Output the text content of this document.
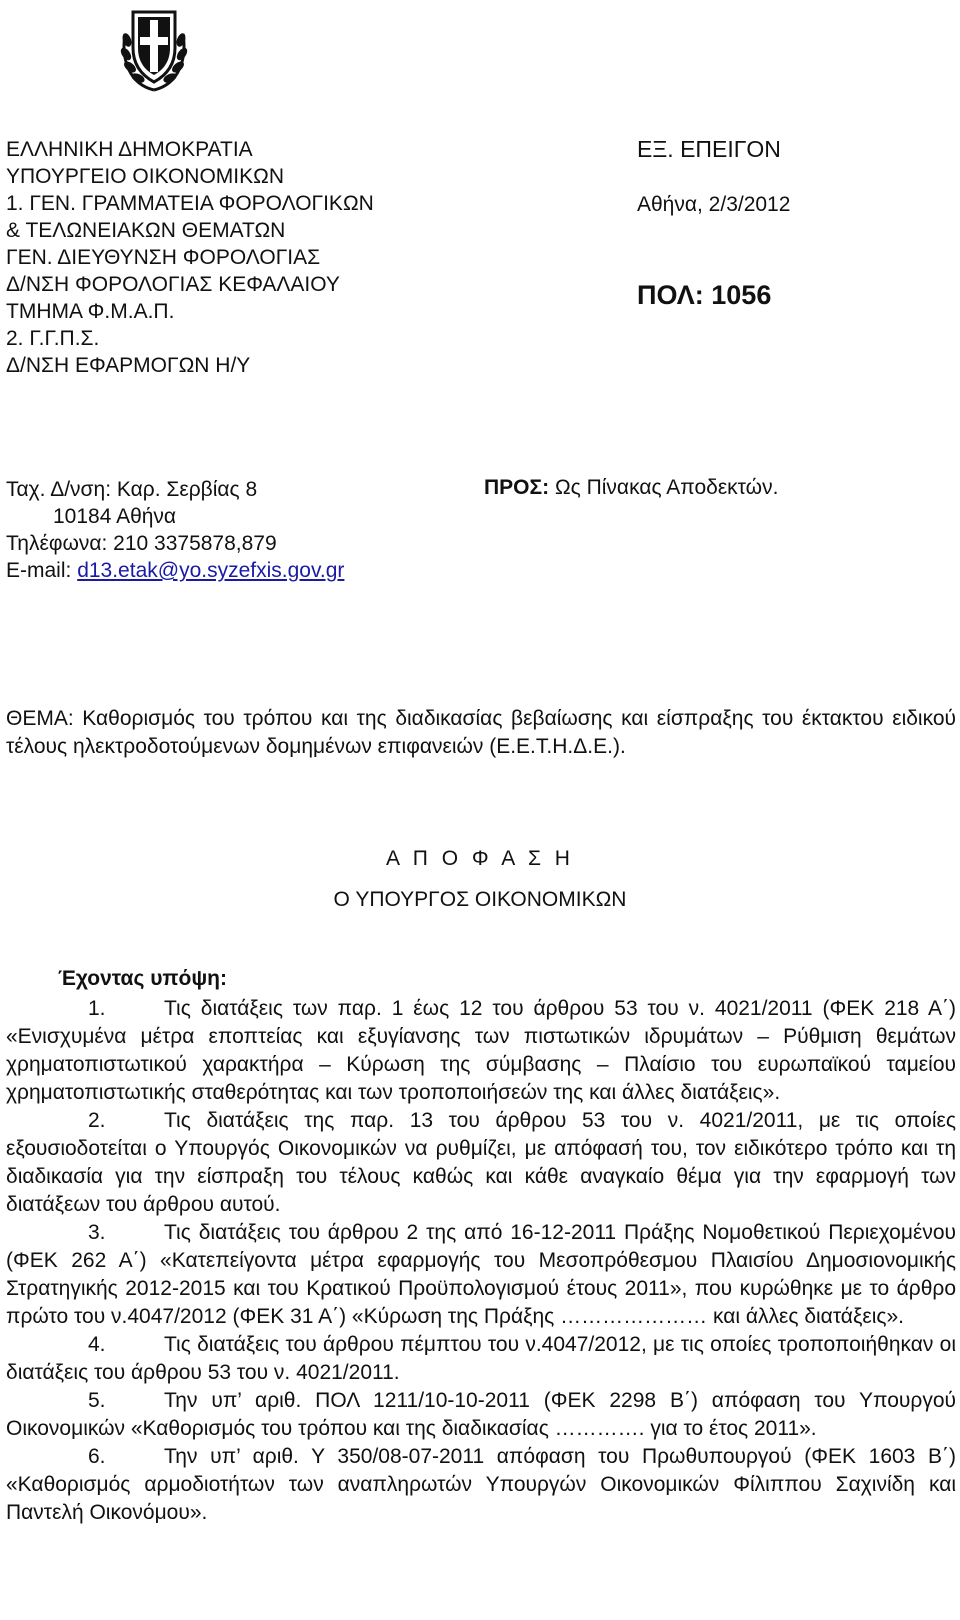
ΕΛΛΗΝΙΚΗ ΔΗΜΟΚΡΑΤΙΑ
ΥΠΟΥΡΓΕΙΟ ΟΙΚΟΝΟΜΙΚΩΝ
1. ΓΕΝ. ΓΡΑΜΜΑΤΕΙΑ ΦΟΡΟΛΟΓΙΚΩΝ
& ΤΕΛΩΝΕΙΑΚΩΝ ΘΕΜΑΤΩΝ
ΓΕΝ. ΔΙΕΥΘΥΝΣΗ ΦΟΡΟΛΟΓΙΑΣ
Δ/ΝΣΗ ΦΟΡΟΛΟΓΙΑΣ ΚΕΦΑΛΑΙΟΥ
ΤΜΗΜΑ Φ.Μ.Α.Π.
2. Γ.Γ.Π.Σ.
Δ/ΝΣΗ ΕΦΑΡΜΟΓΩΝ Η/Υ
ΕΞ. ΕΠΕΙΓΟΝ
Αθήνα, 2/3/2012
ΠΟΛ: 1056
Ταχ. Δ/νση: Καρ. Σερβίας 8
10184 Αθήνα
Τηλέφωνα: 210 3375878,879
E-mail: d13.etak@yo.syzefxis.gov.gr
ΠΡΟΣ: Ως Πίνακας Αποδεκτών.
ΘΕΜΑ: Καθορισμός του τρόπου και της διαδικασίας βεβαίωσης και είσπραξης του έκτακτου ειδικού τέλους ηλεκτροδοτούμενων δομημένων επιφανειών (Ε.Ε.Τ.Η.Δ.Ε.).
Α Π Ο Φ Α Σ Η
Ο ΥΠΟΥΡΓΟΣ ΟΙΚΟΝΟΜΙΚΩΝ
Έχοντας υπόψη:

1.	Τις διατάξεις των παρ. 1 έως 12 του άρθρου 53 του ν. 4021/2011 (ΦΕΚ 218 Α΄) «Ενισχυμένα μέτρα εποπτείας και εξυγίανσης των πιστωτικών ιδρυμάτων – Ρύθμιση θεμάτων χρηματοπιστωτικού χαρακτήρα – Κύρωση της σύμβασης – Πλαίσιο του ευρωπαϊκού ταμείου χρηματοπιστωτικής σταθερότητας και των τροποποιήσεών της και άλλες διατάξεις».

2.	Τις διατάξεις της παρ. 13 του άρθρου 53 του ν. 4021/2011, με τις οποίες εξουσιοδοτείται ο Υπουργός Οικονομικών να ρυθμίζει, με απόφασή του, τον ειδικότερο τρόπο και τη διαδικασία για την είσπραξη του τέλους καθώς και κάθε αναγκαίο θέμα για την εφαρμογή των διατάξεων του άρθρου αυτού.

3.	Τις διατάξεις του άρθρου 2 της από 16-12-2011 Πράξης Νομοθετικού Περιεχομένου (ΦΕΚ 262 Α΄) «Κατεπείγοντα μέτρα εφαρμογής του Μεσοπρόθεσμου Πλαισίου Δημοσιονομικής Στρατηγικής 2012-2015 και του Κρατικού Προϋπολογισμού έτους 2011», που κυρώθηκε με το άρθρο πρώτο του ν.4047/2012 (ΦΕΚ 31 Α΄) «Κύρωση της Πράξης ………………… και άλλες διατάξεις».

4.	Τις διατάξεις του άρθρου πέμπτου του ν.4047/2012, με τις οποίες τροποποιήθηκαν οι διατάξεις του άρθρου 53 του ν. 4021/2011.

5.	Την υπ’ αριθ. ΠΟΛ 1211/10-10-2011 (ΦΕΚ 2298 Β΄) απόφαση του Υπουργού Οικονομικών «Καθορισμός του τρόπου και της διαδικασίας …………. για το έτος 2011».

6.	Την υπ’ αριθ. Υ 350/08-07-2011 απόφαση του Πρωθυπουργού (ΦΕΚ 1603 Β΄) «Καθορισμός αρμοδιοτήτων των αναπληρωτών Υπουργών Οικονομικών Φίλιππου Σαχινίδη και Παντελή Οικονόμου».
